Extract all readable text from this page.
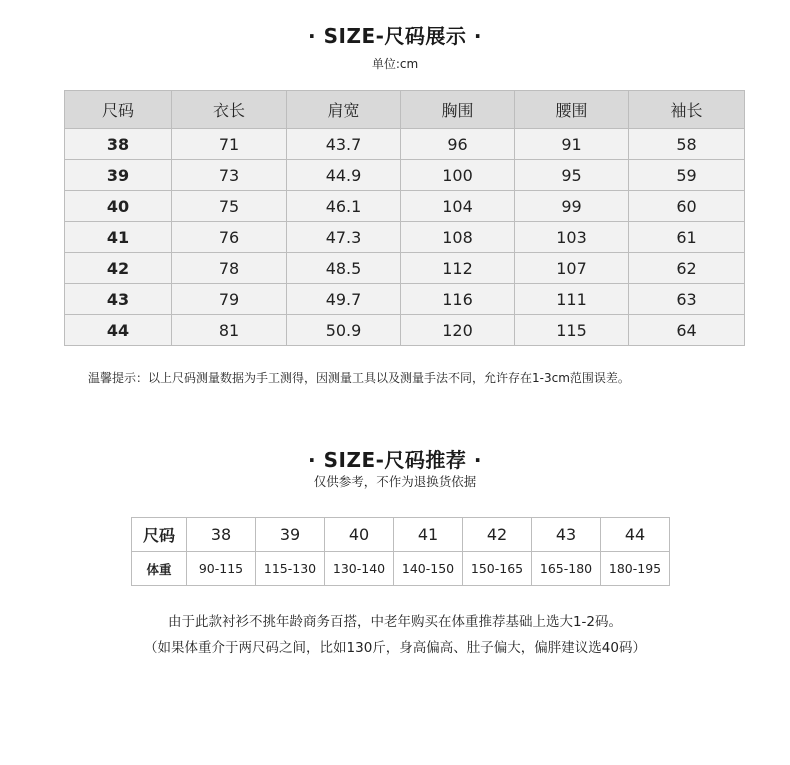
· SIZE-尺码展示 ·
单位:cm
尺码	衣长	肩宽	胸围	腰围	袖长
38	71	43.7	96	91	58
39	73	44.9	100	95	59
40	75	46.1	104	99	60
41	76	47.3	108	103	61
42	78	48.5	112	107	62
43	79	49.7	116	111	63
44	81	50.9	120	115	64
温馨提示：以上尺码测量数据为手工测得，因测量工具以及测量手法不同，允许存在1-3cm范围误差。
· SIZE-尺码推荐 ·
仅供参考，不作为退换货依据
尺码	38	39	40	41	42	43	44
体重	90-115	115-130	130-140	140-150	150-165	165-180	180-195
由于此款衬衫不挑年龄商务百搭，中老年购买在体重推荐基础上选大1-2码。
（如果体重介于两尺码之间，比如130斤，身高偏高、肚子偏大，偏胖建议选40码）
